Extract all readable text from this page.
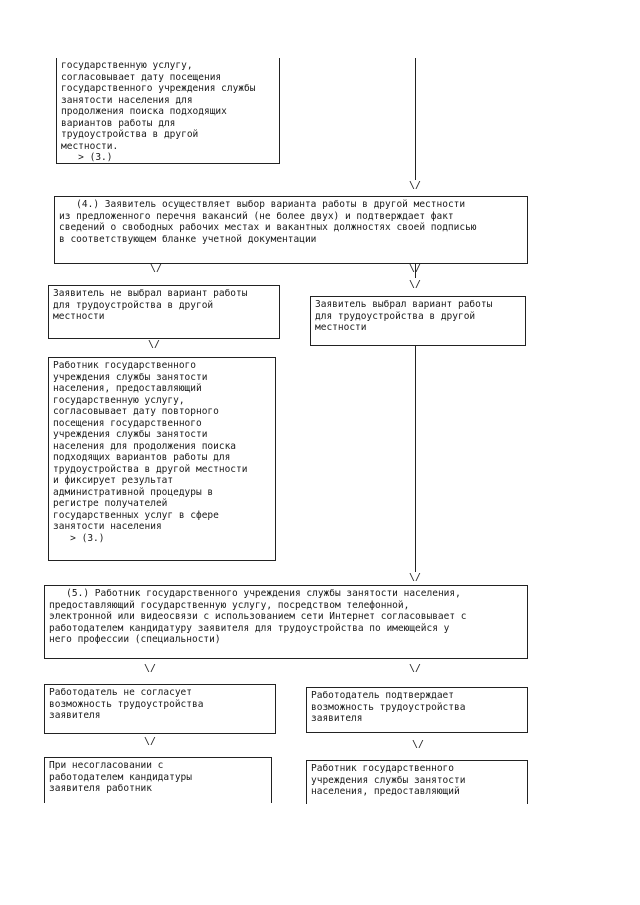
государственную услугу,
согласовывает дату посещения
государственного учреждения службы
занятости населения для
продолжения поиска подходящих
вариантов работы для
трудоустройства в другой
местности.
> (3.)
\/
(4.) Заявитель осуществляет выбор варианта работы в другой местности
из предложенного перечня вакансий (не более двух) и подтверждает факт
сведений о свободных рабочих местах и вакантных должностях своей подписью
в соответствующем бланке учетной документации
\/	\/
\/
Заявитель не выбрал вариант работы
для трудоустройства в другой
местности
Заявитель выбрал вариант работы
для трудоустройства в другой
местности
\/
Работник государственного
учреждения службы занятости
населения, предоставляющий
государственную услугу,
согласовывает дату повторного
посещения государственного
учреждения службы занятости
населения для продолжения поиска
подходящих вариантов работы для
трудоустройства в другой местности
и фиксирует результат
административной процедуры в
регистре получателей
государственных услуг в сфере
занятости населения
> (3.)
\/
(5.) Работник государственного учреждения службы занятости населения,
предоставляющий государственную услугу, посредством телефонной,
электронной или видеосвязи с использованием сети Интернет согласовывает с
работодателем кандидатуру заявителя для трудоустройства по имеющейся у
него профессии (специальности)
\/	\/
Работодатель не согласует
возможность трудоустройства
заявителя
Работодатель подтверждает
возможность трудоустройства
заявителя
\/	\/
При несогласовании с
работодателем кандидатуры
заявителя работник
Работник государственного
учреждения службы занятости
населения, предоставляющий
